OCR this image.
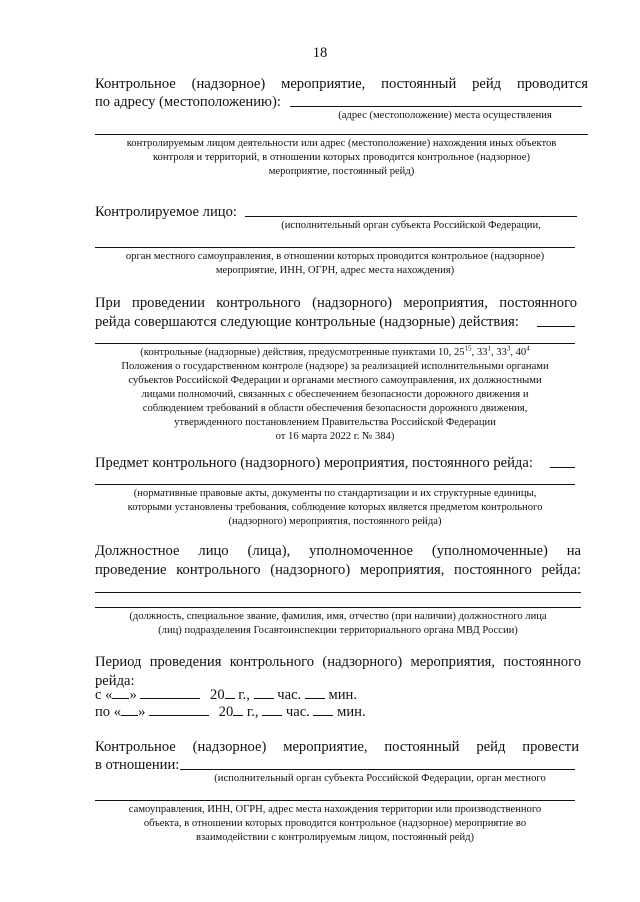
18
Контрольное (надзорное) мероприятие, постоянный рейд проводится
по адресу (местоположению):
(адрес (местоположение) места осуществления
контролируемым лицом деятельности или адрес (местоположение) нахождения иных объектов
контроля и территорий, в отношении которых проводится контрольное (надзорное)
мероприятие, постоянный рейд)
Контролируемое лицо:
(исполнительный орган субъекта Российской Федерации,
орган местного самоуправления, в отношении которых проводится контрольное (надзорное)
мероприятие, ИНН, ОГРН, адрес места нахождения)
При проведении контрольного (надзорного) мероприятия, постоянного
рейда совершаются следующие контрольные (надзорные) действия:
(контрольные (надзорные) действия, предусмотренные пунктами 10, $25^{15}$, $33^1$, $33^3$, $40^4$
Положения о государственном контроле (надзоре) за реализацией исполнительными органами
субъектов Российской Федерации и органами местного самоуправления, их должностными
лицами полномочий, связанных с обеспечением безопасности дорожного движения и
соблюдением требований в области обеспечения безопасности дорожного движения,
утвержденного постановлением Правительства Российской Федерации
от 16 марта 2022 г. № 384)
Предмет контрольного (надзорного) мероприятия, постоянного рейда:
(нормативные правовые акты, документы по стандартизации и их структурные единицы,
которыми установлены требования, соблюдение которых является предметом контрольного
(надзорного) мероприятия, постоянного рейда)
Должностное лицо (лица), уполномоченное (уполномоченные) на
проведение контрольного (надзорного) мероприятия, постоянного рейда:
(должность, специальное звание, фамилия, имя, отчество (при наличии) должностного лица
(лиц) подразделения Госавтоинспекции территориального органа МВД России)
Период проведения контрольного (надзорного) мероприятия, постоянного
рейда:
с « »	20 г., час. мин.
по « »	20 г., час. мин.
Контрольное (надзорное) мероприятие, постоянный рейд провести
в отношении:
(исполнительный орган субъекта Российской Федерации, орган местного
самоуправления, ИНН, ОГРН, адрес места нахождения территории или производственного
объекта, в отношении которых проводится контрольное (надзорное) мероприятие во
взаимодействии с контролируемым лицом, постоянный рейд)
